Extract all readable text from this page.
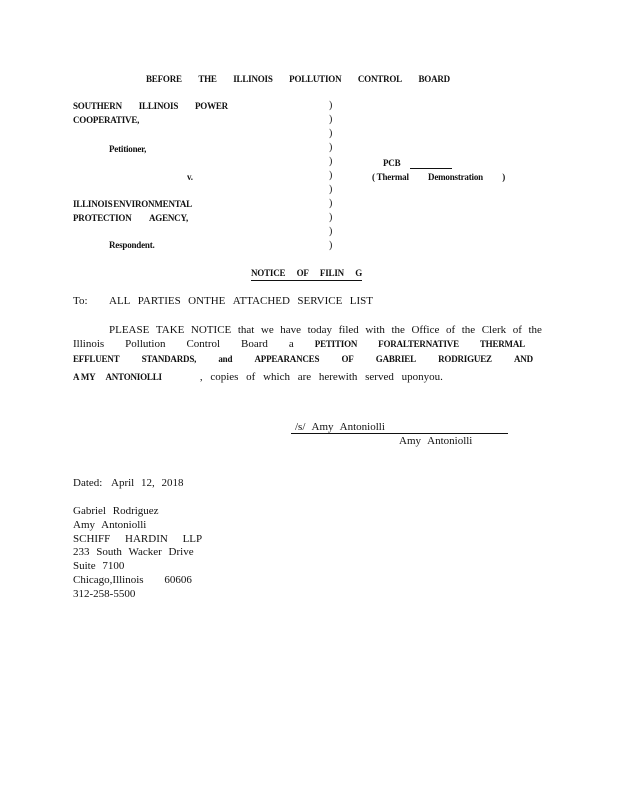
BEFORE THE ILLINOIS POLLUTION CONTROL BOARD
SOUTHERN ILLINOIS POWER
COOPERATIVE,
Petitioner,
v.
ILLINOIS ENVIRONMENTAL
PROTECTION AGENCY,
Respondent.
)
)
)
)
)
)
)
)
)
)
)
PCB
( Thermal Demonstration )
NOTICE OF FILIN G
To: ALL PARTIES ONTHE ATTACHED SERVICE LIST
PLEASE TAKE NOTICE that we have today filed with the Office of the Clerk of the
Illinois Pollution Control Board a PETITION FORALTERNATIVE THERMAL
EFFLUENT STANDARDS, and APPEARANCES OF GABRIEL RODRIGUEZ AND
A MY ANTONIOLLI	, copies of which are herewith served uponyou.
/s/ Amy Antoniolli
Amy Antoniolli
Dated: April 12, 2018
Gabriel Rodriguez
Amy Antoniolli
SCHIFF HARDIN LLP
233 South Wacker Drive
Suite 7100
Chicago,Illinois 60606
312-258-5500
